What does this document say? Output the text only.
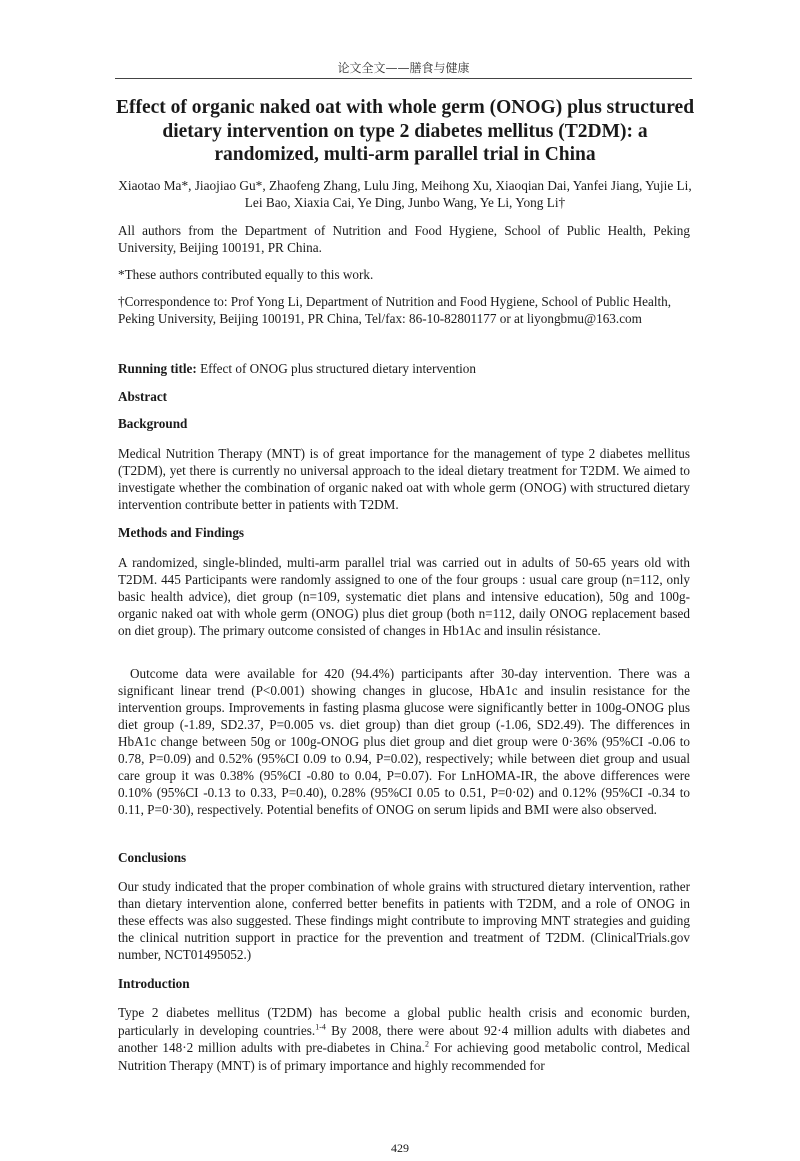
论文全文——膳食与健康
Effect of organic naked oat with whole germ (ONOG) plus structured dietary intervention on type 2 diabetes mellitus (T2DM): a randomized, multi-arm parallel trial in China
Xiaotao Ma*, Jiaojiao Gu*, Zhaofeng Zhang, Lulu Jing, Meihong Xu, Xiaoqian Dai, Yanfei Jiang, Yujie Li, Lei Bao, Xiaxia Cai, Ye Ding, Junbo Wang, Ye Li, Yong Li†
All authors from the Department of Nutrition and Food Hygiene, School of Public Health, Peking University, Beijing 100191, PR China.
*These authors contributed equally to this work.
†Correspondence to: Prof Yong Li, Department of Nutrition and Food Hygiene, School of Public Health, Peking University, Beijing 100191, PR China, Tel/fax: 86-10-82801177 or at liyongbmu@163.com
Running title: Effect of ONOG plus structured dietary intervention
Abstract
Background
Medical Nutrition Therapy (MNT) is of great importance for the management of type 2 diabetes mellitus (T2DM), yet there is currently no universal approach to the ideal dietary treatment for T2DM. We aimed to investigate whether the combination of organic naked oat with whole germ (ONOG) with structured dietary intervention contribute better in patients with T2DM.
Methods and Findings
A randomized, single-blinded, multi-arm parallel trial was carried out in adults of 50-65 years old with T2DM. 445 Participants were randomly assigned to one of the four groups : usual care group (n=112, only basic health advice), diet group (n=109, systematic diet plans and intensive education), 50g and 100g-organic naked oat with whole germ (ONOG) plus diet group (both n=112, daily ONOG replacement based on diet group). The primary outcome consisted of changes in Hb1Ac and insulin résistance.
Outcome data were available for 420 (94.4%) participants after 30-day intervention. There was a significant linear trend (P<0.001) showing changes in glucose, HbA1c and insulin resistance for the intervention groups. Improvements in fasting plasma glucose were significantly better in 100g-ONOG plus diet group (-1.89, SD2.37, P=0.005 vs. diet group) than diet group (-1.06, SD2.49). The differences in HbA1c change between 50g or 100g-ONOG plus diet group and diet group were 0·36% (95%CI -0.06 to 0.78, P=0.09) and 0.52% (95%CI 0.09 to 0.94, P=0.02), respectively; while between diet group and usual care group it was 0.38% (95%CI -0.80 to 0.04, P=0.07). For LnHOMA-IR, the above differences were 0.10% (95%CI -0.13 to 0.33, P=0.40), 0.28% (95%CI 0.05 to 0.51, P=0·02) and 0.12% (95%CI -0.34 to 0.11, P=0·30), respectively. Potential benefits of ONOG on serum lipids and BMI were also observed.
Conclusions
Our study indicated that the proper combination of whole grains with structured dietary intervention, rather than dietary intervention alone, conferred better benefits in patients with T2DM, and a role of ONOG in these effects was also suggested. These findings might contribute to improving MNT strategies and guiding the clinical nutrition support in practice for the prevention and treatment of T2DM. (ClinicalTrials.gov number, NCT01495052.)
Introduction
Type 2 diabetes mellitus (T2DM) has become a global public health crisis and economic burden, particularly in developing countries.$^{1-4}$ By 2008, there were about 92·4 million adults with diabetes and another 148·2 million adults with pre-diabetes in China.$^2$ For achieving good metabolic control, Medical Nutrition Therapy (MNT) is of primary importance and highly recommended for
429
